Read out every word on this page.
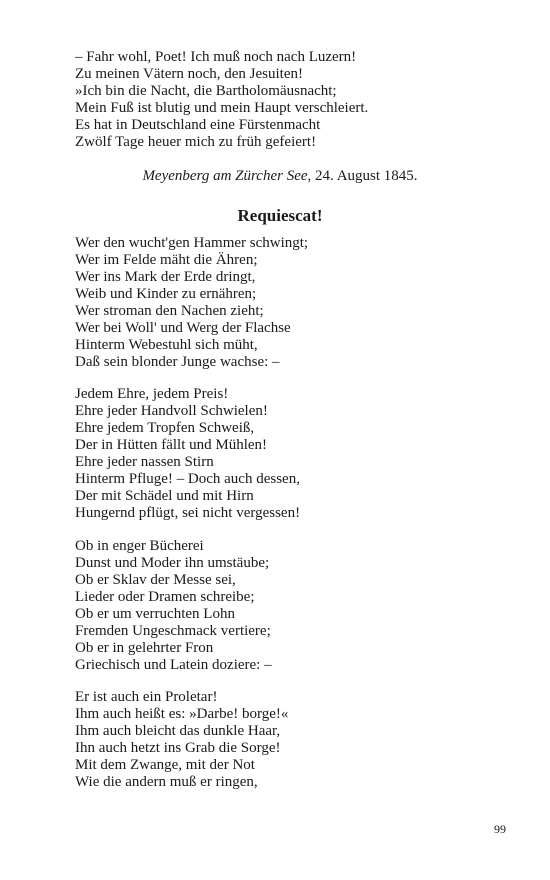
– Fahr wohl, Poet! Ich muß noch nach Luzern!
Zu meinen Vätern noch, den Jesuiten!
»Ich bin die Nacht, die Bartholomäusnacht;
Mein Fuß ist blutig und mein Haupt verschleiert.
Es hat in Deutschland eine Fürstenmacht
Zwölf Tage heuer mich zu früh gefeiert!
Meyenberg am Zürcher See, 24. August 1845.
Requiescat!
Wer den wucht'gen Hammer schwingt;
Wer im Felde mäht die Ähren;
Wer ins Mark der Erde dringt,
Weib und Kinder zu ernähren;
Wer stroman den Nachen zieht;
Wer bei Woll' und Werg der Flachse
Hinterm Webestuhl sich müht,
Daß sein blonder Junge wachse: –
Jedem Ehre, jedem Preis!
Ehre jeder Handvoll Schwielen!
Ehre jedem Tropfen Schweiß,
Der in Hütten fällt und Mühlen!
Ehre jeder nassen Stirn
Hinterm Pfluge! – Doch auch dessen,
Der mit Schädel und mit Hirn
Hungernd pflügt, sei nicht vergessen!
Ob in enger Bücherei
Dunst und Moder ihn umstäube;
Ob er Sklav der Messe sei,
Lieder oder Dramen schreibe;
Ob er um verruchten Lohn
Fremden Ungeschmack vertiere;
Ob er in gelehrter Fron
Griechisch und Latein doziere: –
Er ist auch ein Proletar!
Ihm auch heißt es: »Darbe! borge!«
Ihm auch bleicht das dunkle Haar,
Ihn auch hetzt ins Grab die Sorge!
Mit dem Zwange, mit der Not
Wie die andern muß er ringen,
99
